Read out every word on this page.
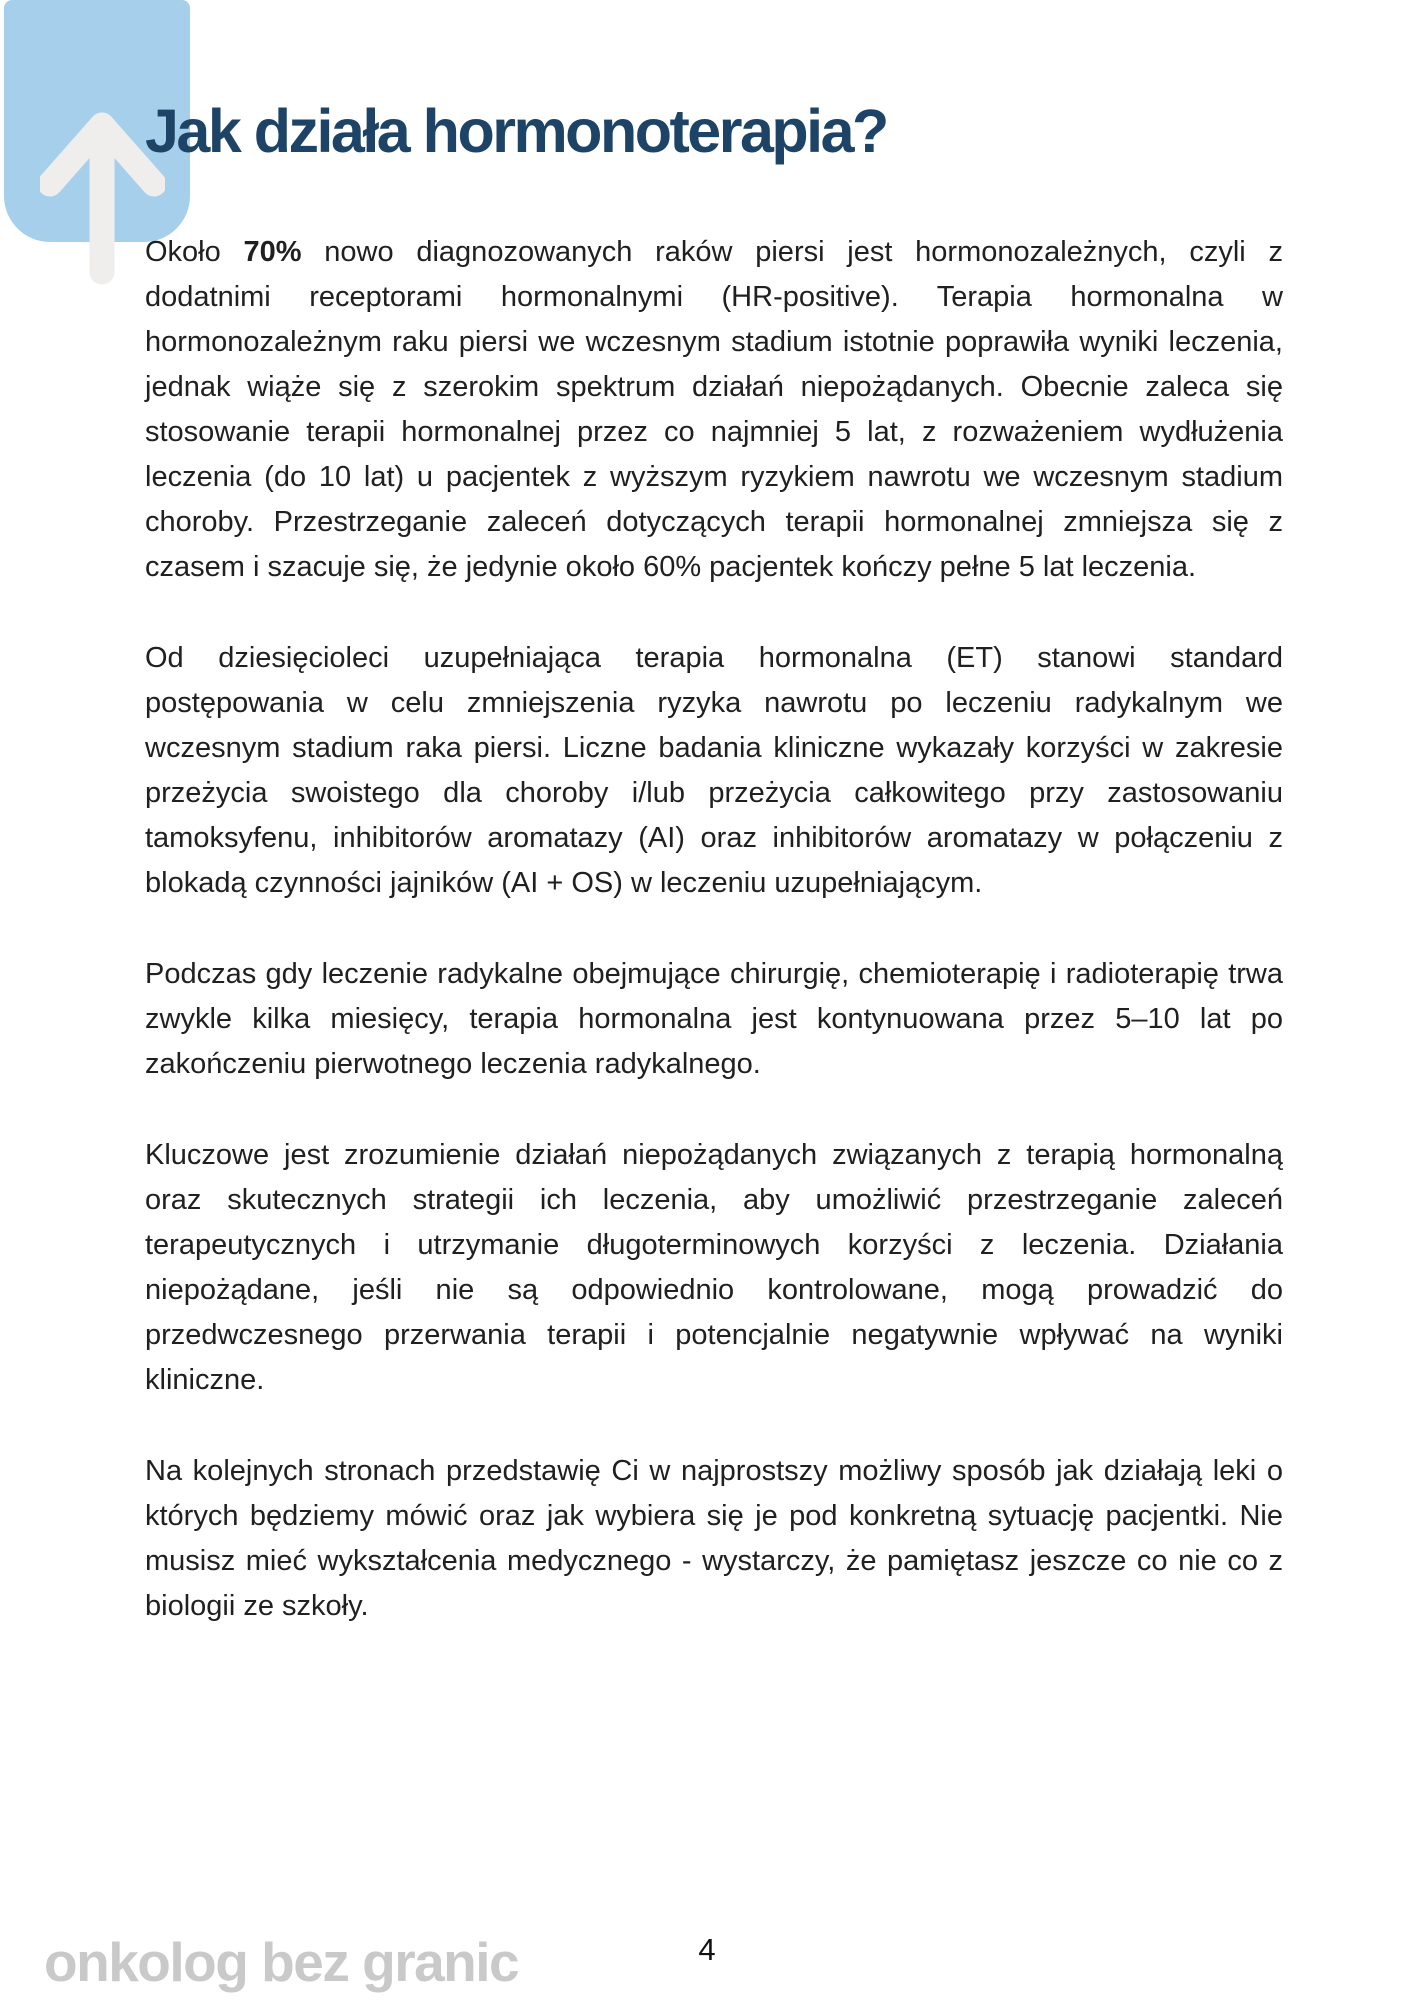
Jak działa hormonoterapia?

Około 70% nowo diagnozowanych raków piersi jest hormonozależnych, czyli z dodatnimi receptorami hormonalnymi (HR-positive). Terapia hormonalna w hormonozależnym raku piersi we wczesnym stadium istotnie poprawiła wyniki leczenia, jednak wiąże się z szerokim spektrum działań niepożądanych. Obecnie zaleca się stosowanie terapii hormonalnej przez co najmniej 5 lat, z rozważeniem wydłużenia leczenia (do 10 lat) u pacjentek z wyższym ryzykiem nawrotu we wczesnym stadium choroby. Przestrzeganie zaleceń dotyczących terapii hormonalnej zmniejsza się z czasem i szacuje się, że jedynie około 60% pacjentek kończy pełne 5 lat leczenia.

Od dziesięcioleci uzupełniająca terapia hormonalna (ET) stanowi standard postępowania w celu zmniejszenia ryzyka nawrotu po leczeniu radykalnym we wczesnym stadium raka piersi. Liczne badania kliniczne wykazały korzyści w zakresie przeżycia swoistego dla choroby i/lub przeżycia całkowitego przy zastosowaniu tamoksyfenu, inhibitorów aromatazy (AI) oraz inhibitorów aromatazy w połączeniu z blokadą czynności jajników (AI + OS) w leczeniu uzupełniającym.

Podczas gdy leczenie radykalne obejmujące chirurgię, chemioterapię i radioterapię trwa zwykle kilka miesięcy, terapia hormonalna jest kontynuowana przez 5–10 lat po zakończeniu pierwotnego leczenia radykalnego.

Kluczowe jest zrozumienie działań niepożądanych związanych z terapią hormonalną oraz skutecznych strategii ich leczenia, aby umożliwić przestrzeganie zaleceń terapeutycznych i utrzymanie długoterminowych korzyści z leczenia. Działania niepożądane, jeśli nie są odpowiednio kontrolowane, mogą prowadzić do przedwczesnego przerwania terapii i potencjalnie negatywnie wpływać na wyniki kliniczne.

Na kolejnych stronach przedstawię Ci w najprostszy możliwy sposób jak działają leki o których będziemy mówić oraz jak wybiera się je pod konkretną sytuację pacjentki. Nie musisz mieć wykształcenia medycznego - wystarczy, że pamiętasz jeszcze co nie co z biologii ze szkoły.

onkolog bez granic	4
